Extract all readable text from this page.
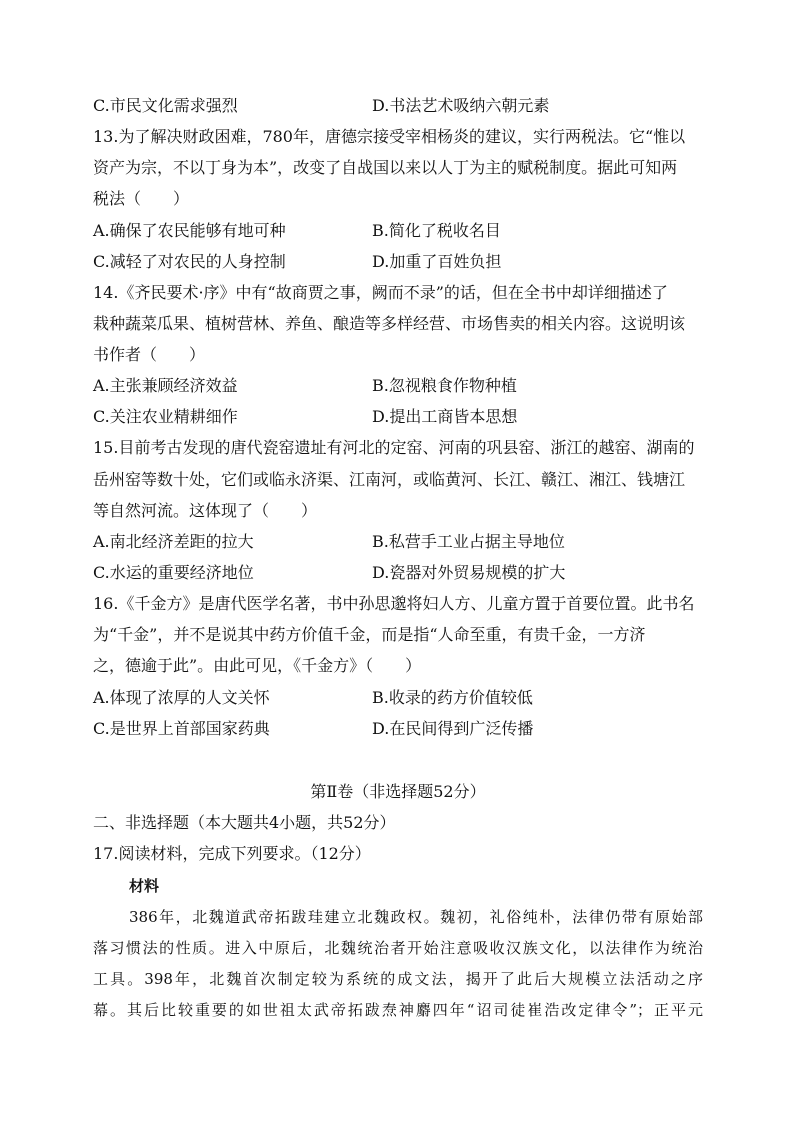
C.市民文化需求强烈	D.书法艺术吸纳六朝元素
13.为了解决财政困难，780年，唐德宗接受宰相杨炎的建议，实行两税法。它“惟以
资产为宗，不以丁身为本”，改变了自战国以来以人丁为主的赋税制度。据此可知两
税法（　　）
A.确保了农民能够有地可种	B.简化了税收名目
C.减轻了对农民的人身控制	D.加重了百姓负担
14.《齐民要术·序》中有“故商贾之事，阙而不录”的话，但在全书中却详细描述了
栽种蔬菜瓜果、植树营林、养鱼、酿造等多样经营、市场售卖的相关内容。这说明该
书作者（　　）
A.主张兼顾经济效益	B.忽视粮食作物种植
C.关注农业精耕细作	D.提出工商皆本思想
15.目前考古发现的唐代瓷窑遗址有河北的定窑、河南的巩县窑、浙江的越窑、湖南的
岳州窑等数十处，它们或临永济渠、江南河，或临黄河、长江、赣江、湘江、钱塘江
等自然河流。这体现了（　　）
A.南北经济差距的拉大	B.私营手工业占据主导地位
C.水运的重要经济地位	D.瓷器对外贸易规模的扩大
16.《千金方》是唐代医学名著，书中孙思邈将妇人方、儿童方置于首要位置。此书名
为“千金”，并不是说其中药方价值千金，而是指“人命至重，有贵千金，一方济
之，德逾于此”。由此可见，《千金方》（　　）
A.体现了浓厚的人文关怀	B.收录的药方价值较低
C.是世界上首部国家药典	D.在民间得到广泛传播
第Ⅱ卷（非选择题52分）
二、非选择题（本大题共4小题，共52分）
17.阅读材料，完成下列要求。（12分）
材料
386年，北魏道武帝拓跋珪建立北魏政权。魏初，礼俗纯朴，法律仍带有原始部
落习惯法的性质。进入中原后，北魏统治者开始注意吸收汉族文化，以法律作为统治
工具。398年，北魏首次制定较为系统的成文法，揭开了此后大规模立法活动之序
幕。其后比较重要的如世祖太武帝拓跋焘神麝四年“诏司徒崔浩改定律令”；正平元
